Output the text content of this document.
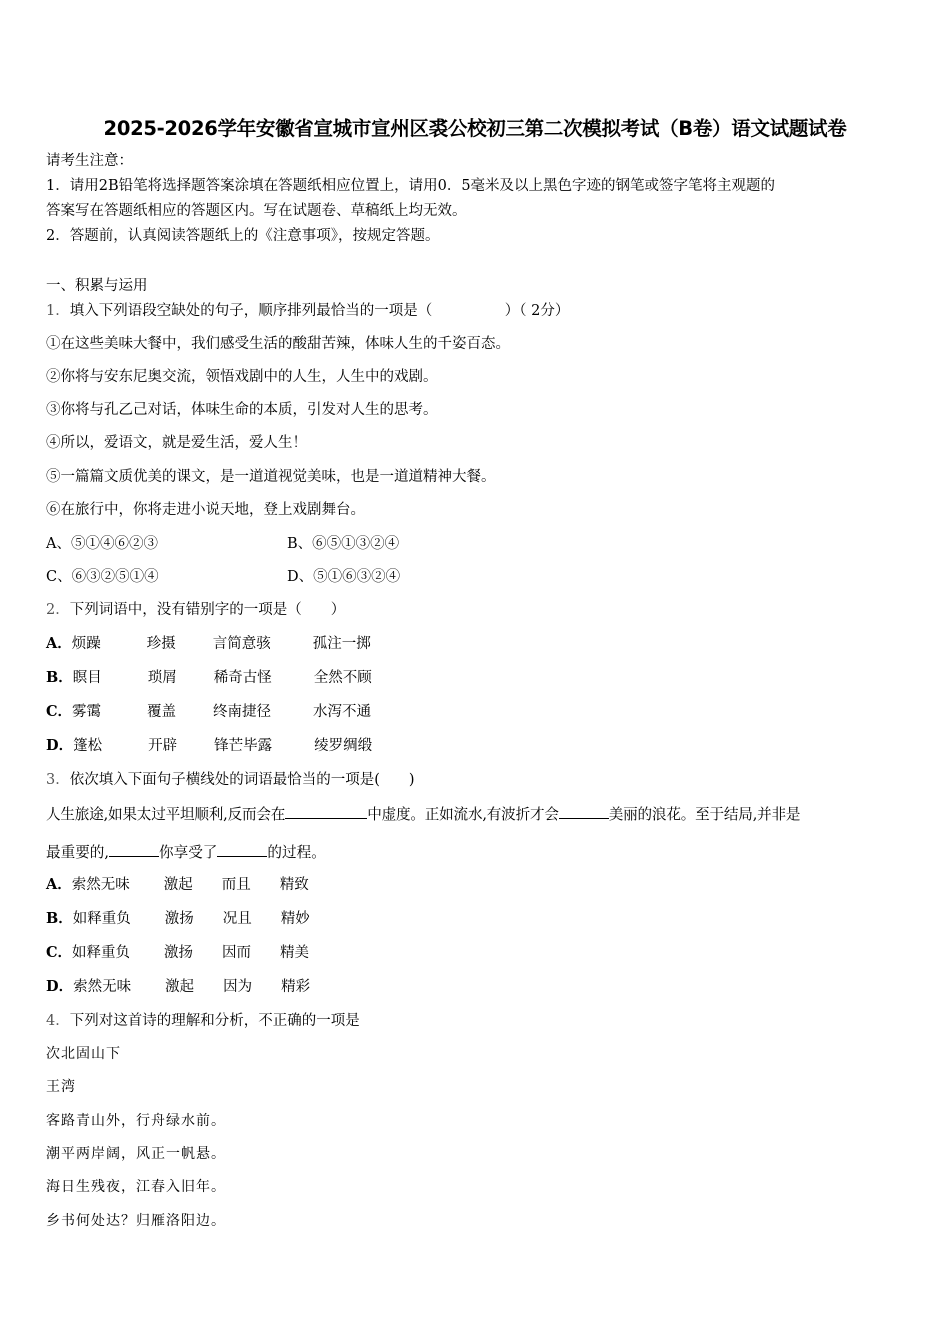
2025-2026学年安徽省宣城市宣州区裘公校初三第二次模拟考试（B卷）语文试题试卷
请考生注意：
1．请用2B铅笔将选择题答案涂填在答题纸相应位置上，请用0．5毫米及以上黑色字迹的钢笔或签字笔将主观题的
答案写在答题纸相应的答题区内。写在试题卷、草稿纸上均无效。
2．答题前，认真阅读答题纸上的《注意事项》，按规定答题。
一、积累与运用
1．填入下列语段空缺处的句子，顺序排列最恰当的一项是（　　　　　）（ 2分）
①在这些美味大餐中，我们感受生活的酸甜苦辣，体味人生的千姿百态。
②你将与安东尼奥交流，领悟戏剧中的人生，人生中的戏剧。
③你将与孔乙己对话，体味生命的本质，引发对人生的思考。
④所以，爱语文，就是爱生活，爱人生！
⑤一篇篇文质优美的课文，是一道道视觉美味，也是一道道精神大餐。
⑥在旅行中，你将走进小说天地，登上戏剧舞台。
A、⑤①④⑥②③	B、⑥⑤①③②④
C、⑥③②⑤①④	D、⑤①⑥③②④
2．下列词语中，没有错别字的一项是（　　）
A．烦躁	珍摄	言简意骇	孤注一掷
B．瞑目	琐屑	稀奇古怪	全然不顾
C．雾霭	覆盖	终南捷径	水泻不通
D．篷松	开辟	锋芒毕露	绫罗绸缎
3．依次填入下面句子横线处的词语最恰当的一项是(　　)
人生旅途,如果太过平坦顺利,反而会在	中虚度。正如流水,有波折才会	美丽的浪花。至于结局,并非是
最重要的,	你享受了	的过程。
A．索然无味 激起 而且 精致
B．如释重负 激扬 况且 精妙
C．如释重负 激扬 因而 精美
D．索然无味 激起 因为 精彩
4．下列对这首诗的理解和分析，不正确的一项是
次北固山下
王湾
客路青山外，行舟绿水前。
潮平两岸阔，风正一帆悬。
海日生残夜，江春入旧年。
乡书何处达？归雁洛阳边。
